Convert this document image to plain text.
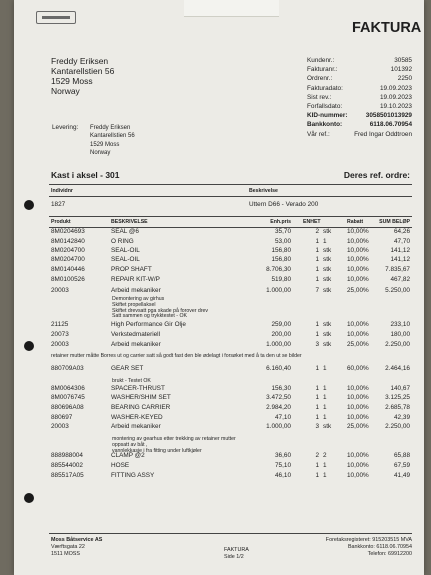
FAKTURA
Freddy Eriksen
Kantarellstien 56
1529 Moss
Norway
Kundenr.:	30585
Fakturanr.:	101392
Ordrenr.:	2250
Fakturadato:	19.09.2023
Sist rev.:	19.09.2023
Forfallsdato:	19.10.2023
KID-nummer:	3058501013929
Bankkonto:	6118.06.70954
Vår ref.:	Fred Ingar Oddtroen
Levering: Freddy Eriksen
Kantarellstien 56
1529 Moss
Norway
Kast i aksel - 301	Deres ref. ordre:
Individnr	Beskrivelse
1827	Uttern D66 - Verado 200
Produkt	BESKRIVELSE	Enh.pris ENHET	Rabatt	SUM BELØP
8M0204693	SEAL @6	35,70	2 stk 10,00%	64,26
8M0142840	O RING	53,00	1 1	10,00%	47,70
8M0204700	SEAL-OIL	156,80	1 stk 10,00%	141,12
8M0204700	SEAL-OIL	156,80	1 stk 10,00%	141,12
8M0140446	PROP SHAFT	8.706,30	1 stk 10,00%	7.835,67
8M0100526	REPAIR KIT-W/P	519,80	1 stk 10,00%	467,82
20003	Arbeid mekaniker	1.000,00	7 stk 25,00%	5.250,00
21125	High Performance Gir Olje	259,00	1 stk 10,00%	233,10
20073	Verkstedmateriell	200,00	1 stk 10,00%	180,00
20003	Arbeid mekaniker	1.000,00	3 stk 25,00%	2.250,00
880709A03	GEAR SET	6.160,40	1 1	60,00%	2.464,16
8M0064306	SPACER-THRUST	156,30	1 1	10,00%	140,67
8M0076745	WASHER/SHIM SET	3.472,50	1 1	10,00%	3.125,25
880696A08	BEARING CARRIER	2.984,20	1 1	10,00%	2.685,78
880697	WASHER-KEYED	47,10	1 1	10,00%	42,39
20003	Arbeid mekaniker	1.000,00	3 stk 25,00%	2.250,00
888988004	CLAMP @2	36,60	2 2	10,00%	65,88
885544002	HOSE	75,10	1 1	10,00%	67,59
885517A05	FITTING ASSY	46,10	1 1	10,00%	41,49
Demontering av girhus
Skiftet propellaksel
Skiftet drevsatt pga skade på forover drev
Satt sammen og trykktestet - OK
retainer mutter måtte Borres ut og carrier satt så godt fast den ble ødelagt i forsøket med å ta den ut se bilder
brukt - Testet OK
montering av gearhus etter trekking av retainer mutter
oppsatt av båt ,
vannlekkasje i fra fitting under luftkjøler
Moss Båtservice AS
Værftsgata 22
1511 MOSS
FAKTURA
Side 1/2
Foretaksregisteret: 915203515 MVA
Bankkonto: 6118.06.70954
Telefon: 69912200
